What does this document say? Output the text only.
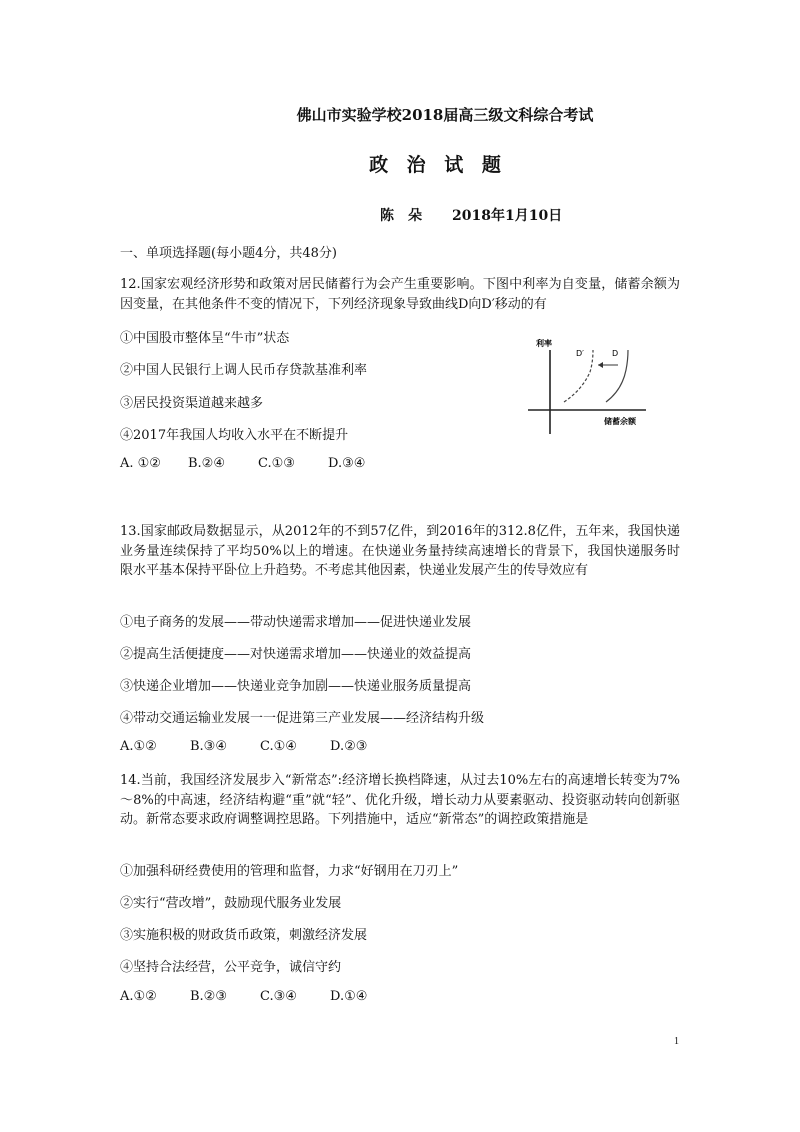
佛山市实验学校2018届高三级文科综合考试
政 治 试 题
陈　朵 2018年1月10日
一、单项选择题(每小题4分，共48分)
12.国家宏观经济形势和政策对居民储蓄行为会产生重要影响。下图中利率为自变量，储蓄余额为因变量，在其他条件不变的情况下，下列经济现象导致曲线D向D′移动的有
①中国股市整体呈“牛市”状态
②中国人民银行上调人民币存贷款基准利率
③居民投资渠道越来越多
④2017年我国人均收入水平在不断提升
A. ①② B.②④	C.①③	D.③④
利率
储蓄余额
D′	D
13.国家邮政局数据显示，从2012年的不到57亿件，到2016年的312.8亿件，五年来，我国快递业务量连续保持了平均50%以上的增速。在快递业务量持续高速增长的背景下，我国快递服务时限水平基本保持平卧位上升趋势。不考虑其他因素，快递业发展产生的传导效应有
①电子商务的发展——带动快递需求增加——促进快递业发展
②提高生活便捷度——对快递需求增加——快递业的效益提高
③快递企业增加——快递业竞争加剧——快递业服务质量提高
④带动交通运输业发展一一促进第三产业发展——经济结构升级
A.①②	B.③④	C.①④	D.②③
14.当前，我国经济发展步入“新常态”:经济增长换档降速，从过去10%左右的高速增长转变为7%～8%的中高速，经济结构避“重”就“轻”、优化升级，增长动力从要素驱动、投资驱动转向创新驱动。新常态要求政府调整调控思路。下列措施中，适应“新常态”的调控政策措施是
①加强科研经费使用的管理和监督，力求“好钢用在刀刃上”
②实行“营改增”，鼓励现代服务业发展
③实施积极的财政货币政策，刺激经济发展
④坚持合法经营，公平竞争，诚信守约
A.①②	B.②③	C.③④	D.①④
1
